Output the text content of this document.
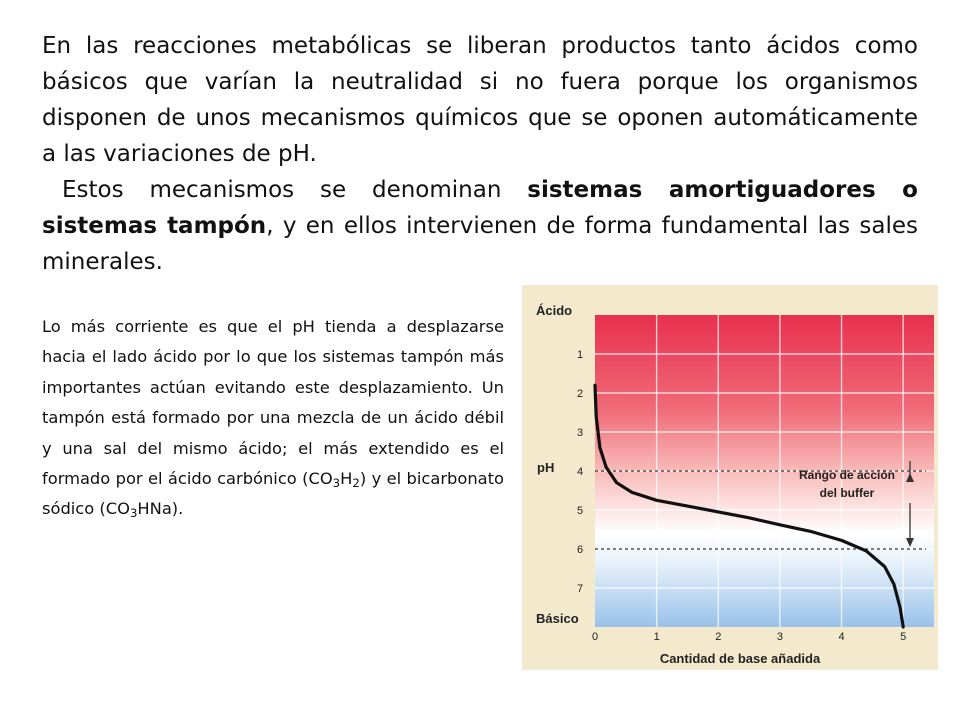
En las reacciones metabólicas se liberan productos tanto ácidos como básicos que varían la neutralidad si no fuera porque los organismos disponen de unos mecanismos químicos que se oponen automáticamente a las variaciones de pH.

Estos mecanismos se denominan sistemas amortiguadores o sistemas tampón, y en ellos intervienen de forma fundamental las sales minerales.

Lo más corriente es que el pH tienda a desplazarse hacia el lado ácido por lo que los sistemas tampón más importantes actúan evitando este desplazamiento. Un tampón está formado por una mezcla de un ácido débil y una sal del mismo ácido; el más extendido es el formado por el ácido carbónico $(CO_3H_2)$ y el bicarbonato sódico $(CO_3HNa)$.

1
2
3
4
5
6
7
0	1	2	3	4	5
Ácido
pH
Básico
Cantidad de base añadida
Rango de acción
del buffer
